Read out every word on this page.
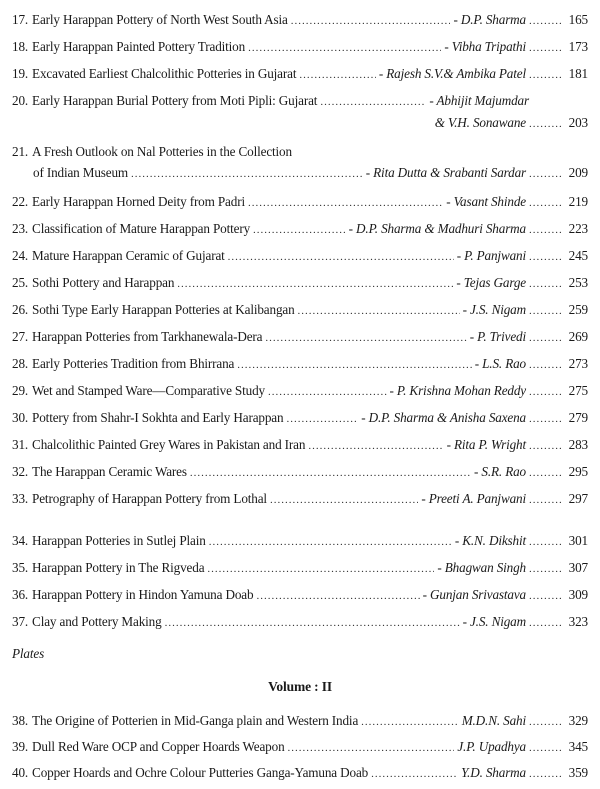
17. Early Harappan Pottery of North West South Asia .....	- D.P. Sharma .....	165
18. Early Harappan Painted Pottery Tradition .....	- Vibha Tripathi .....	173
19. Excavated Earliest Chalcolithic Potteries in Gujarat .....	- Rajesh S.V.& Ambika Patel .....	181
20. Early Harappan Burial Pottery from Moti Pipli: Gujarat .....	- Abhijit Majumdar
& V.H. Sonawane .....	203
21. A Fresh Outlook on Nal Potteries in the Collection
of Indian Museum .....	- Rita Dutta & Srabanti Sardar .....	209
22. Early Harappan Horned Deity from Padri .....	- Vasant Shinde .....	219
23. Classification of Mature Harappan Pottery .....	- D.P. Sharma & Madhuri Sharma .....	223
24. Mature Harappan Ceramic of Gujarat .....	- P. Panjwani .....	245
25. Sothi Pottery and Harappan .....	- Tejas Garge .....	253
26. Sothi Type Early Harappan Potteries at Kalibangan .....	- J.S. Nigam .....	259
27. Harappan Potteries from Tarkhanewala-Dera .....	- P. Trivedi .....	269
28. Early Potteries Tradition from Bhirrana .....	- L.S. Rao .....	273
29. Wet and Stamped Ware—Comparative Study .....	- P. Krishna Mohan Reddy .....	275
30. Pottery from Shahr-I Sokhta and Early Harappan .....	- D.P. Sharma & Anisha Saxena .....	279
31. Chalcolithic Painted Grey Wares in Pakistan and Iran .....	- Rita P. Wright .....	283
32. The Harappan Ceramic Wares .....	- S.R. Rao .....	295
33. Petrography of Harappan Pottery from Lothal .....	- Preeti A. Panjwani .....	297
34. Harappan Potteries in Sutlej Plain .....	- K.N. Dikshit .....	301
35. Harappan Pottery in The Rigveda .....	- Bhagwan Singh .....	307
36. Harappan Pottery in Hindon Yamuna Doab .....	- Gunjan Srivastava .....	309
37. Clay and Pottery Making .....	- J.S. Nigam .....	323
Plates
Volume : II
38. The Origine of Potterien in Mid-Ganga plain and Western India .....	M.D.N. Sahi .....	329
39. Dull Red Ware OCP and Copper Hoards Weapon .....	J.P. Upadhya .....	345
40. Copper Hoards and Ochre Colour Putteries Ganga-Yamuna Doab .....	Y.D. Sharma .....	359
